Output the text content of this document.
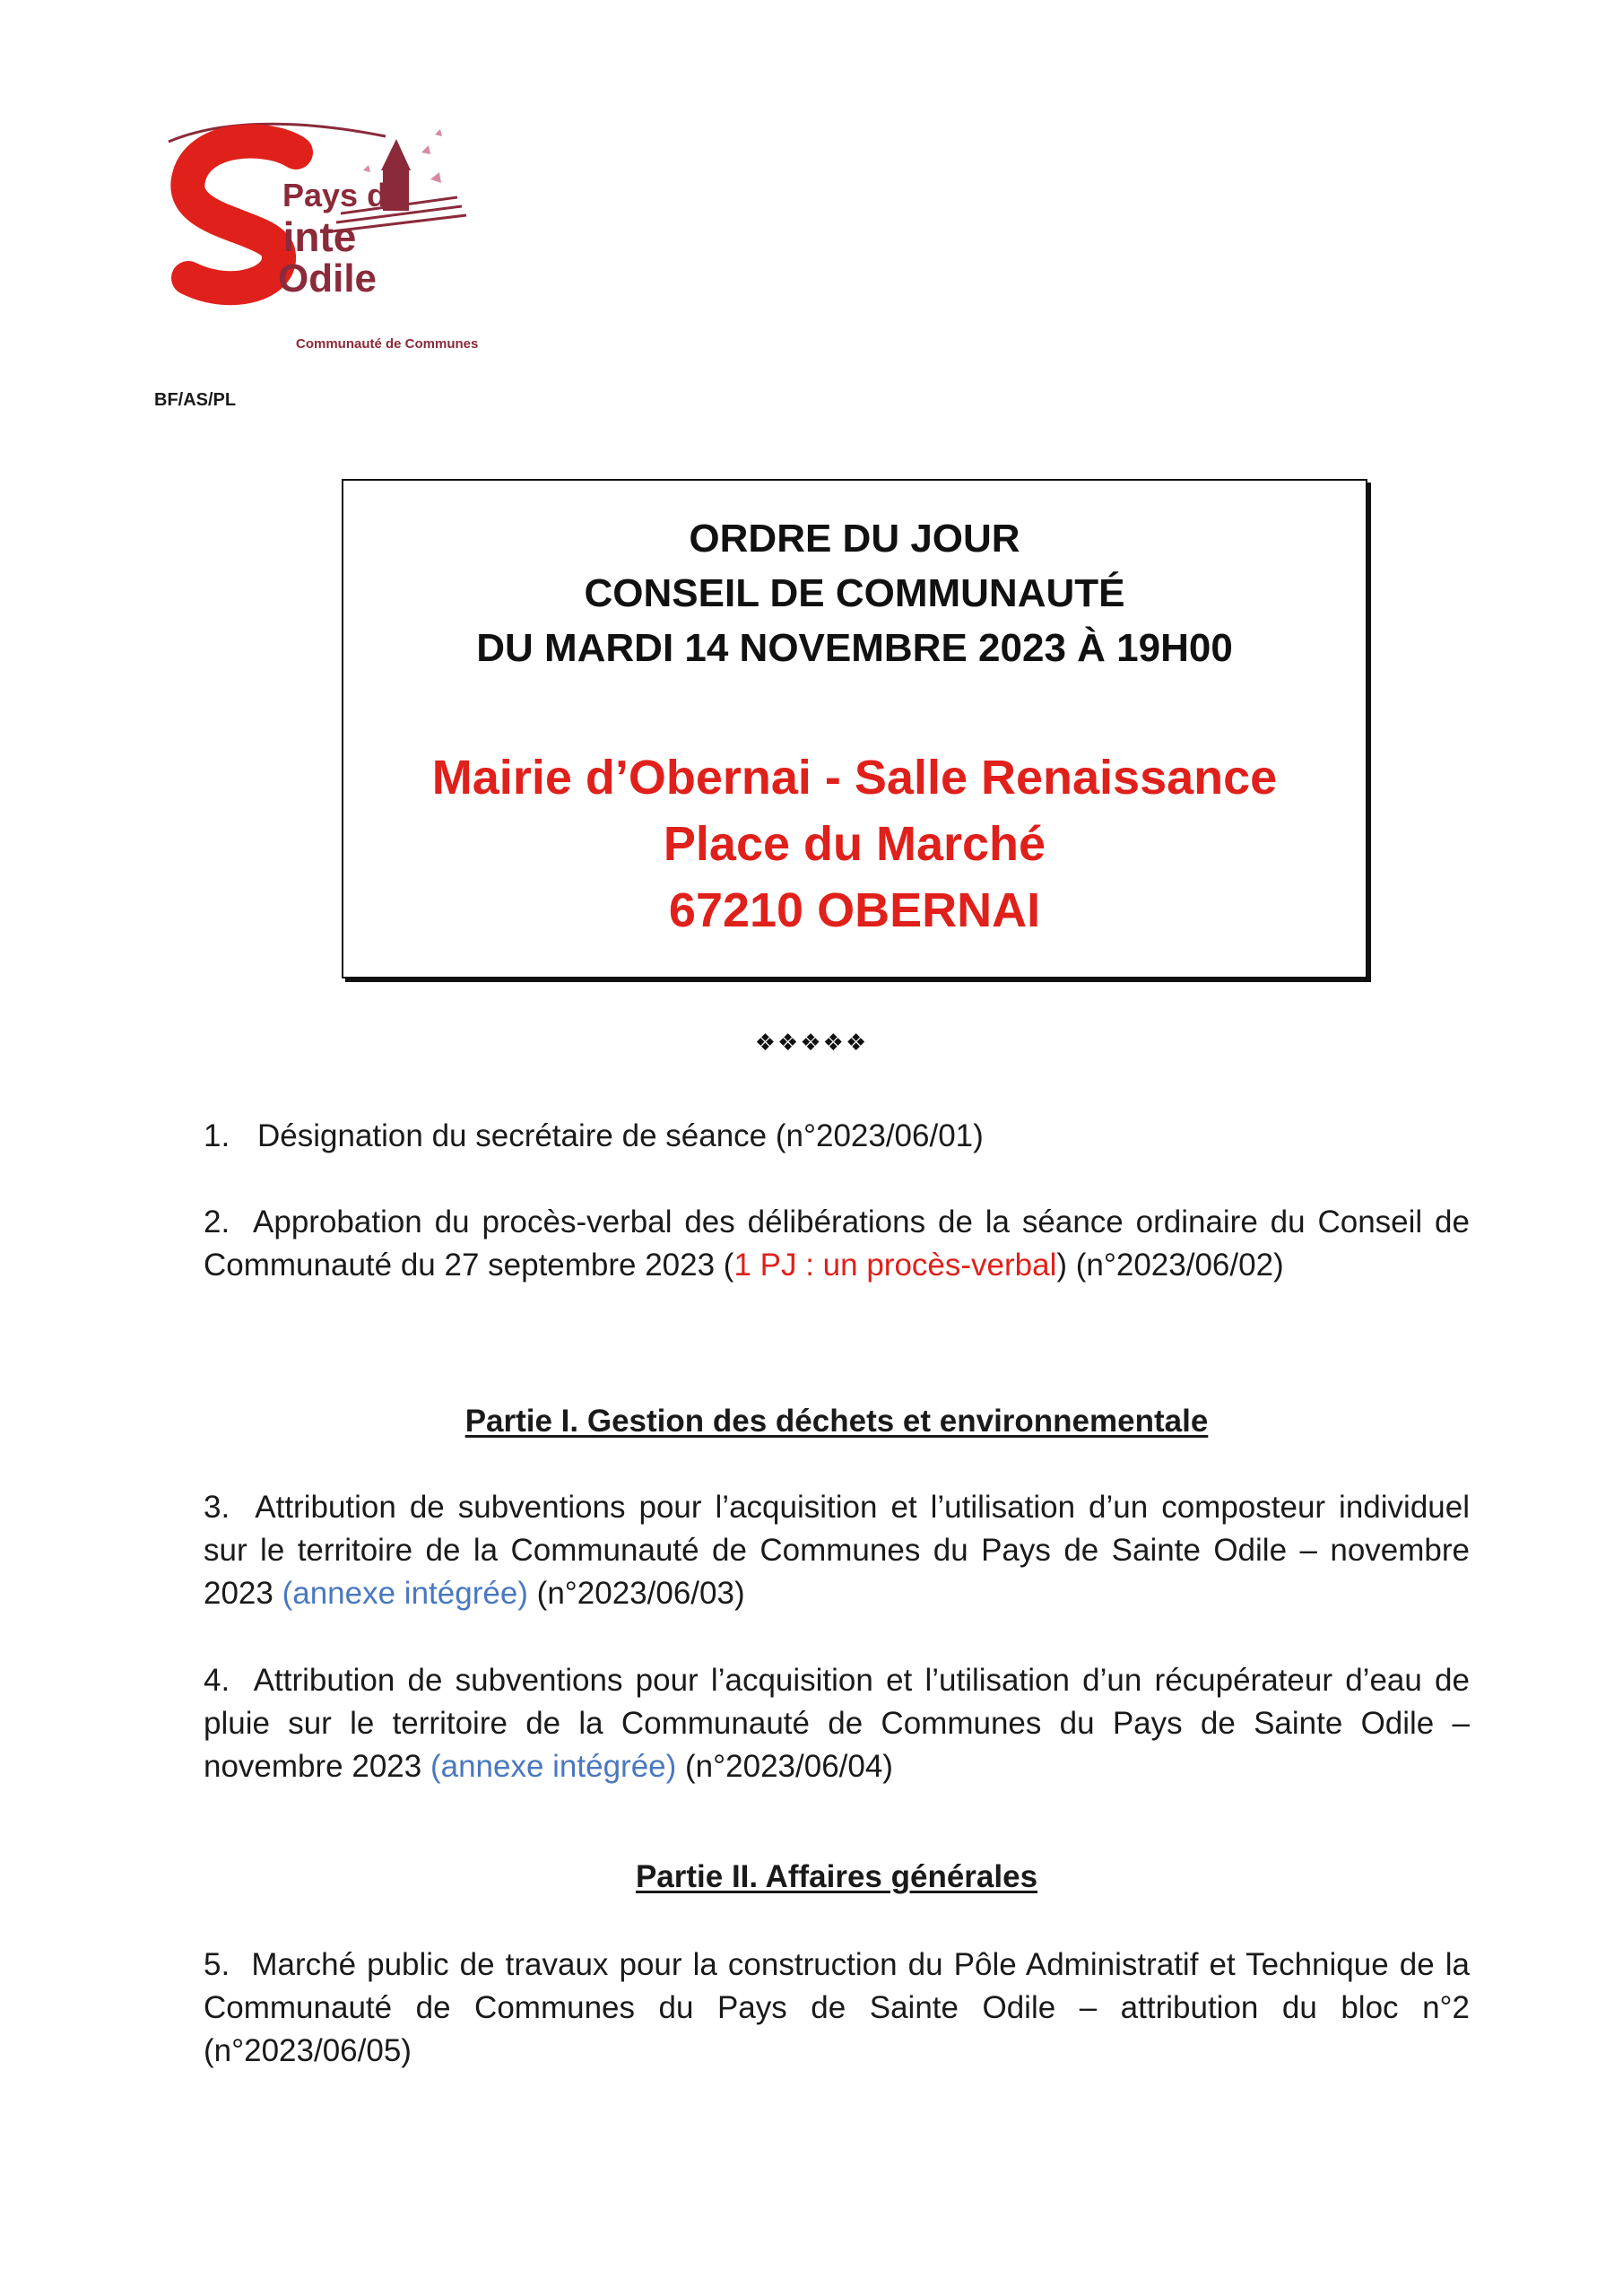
Pays de
ainte
Odile
Communauté de Communes
BF/AS/PL
ORDRE DU JOUR
CONSEIL DE COMMUNAUTÉ
DU MARDI 14 NOVEMBRE 2023 À 19H00
Mairie d’Obernai - Salle Renaissance
Place du Marché
67210 OBERNAI
❖❖❖❖❖
1. Désignation du secrétaire de séance (n°2023/06/01)
2. Approbation du procès-verbal des délibérations de la séance ordinaire du Conseil de Communauté du 27 septembre 2023 (1 PJ : un procès-verbal) (n°2023/06/02)
Partie I. Gestion des déchets et environnementale
3. Attribution de subventions pour l’acquisition et l’utilisation d’un composteur individuel sur le territoire de la Communauté de Communes du Pays de Sainte Odile – novembre 2023 (annexe intégrée) (n°2023/06/03)
4. Attribution de subventions pour l’acquisition et l’utilisation d’un récupérateur d’eau de pluie sur le territoire de la Communauté de Communes du Pays de Sainte Odile – novembre 2023 (annexe intégrée) (n°2023/06/04)
Partie II. Affaires générales
5. Marché public de travaux pour la construction du Pôle Administratif et Technique de la Communauté de Communes du Pays de Sainte Odile – attribution du bloc n°2 (n°2023/06/05)
